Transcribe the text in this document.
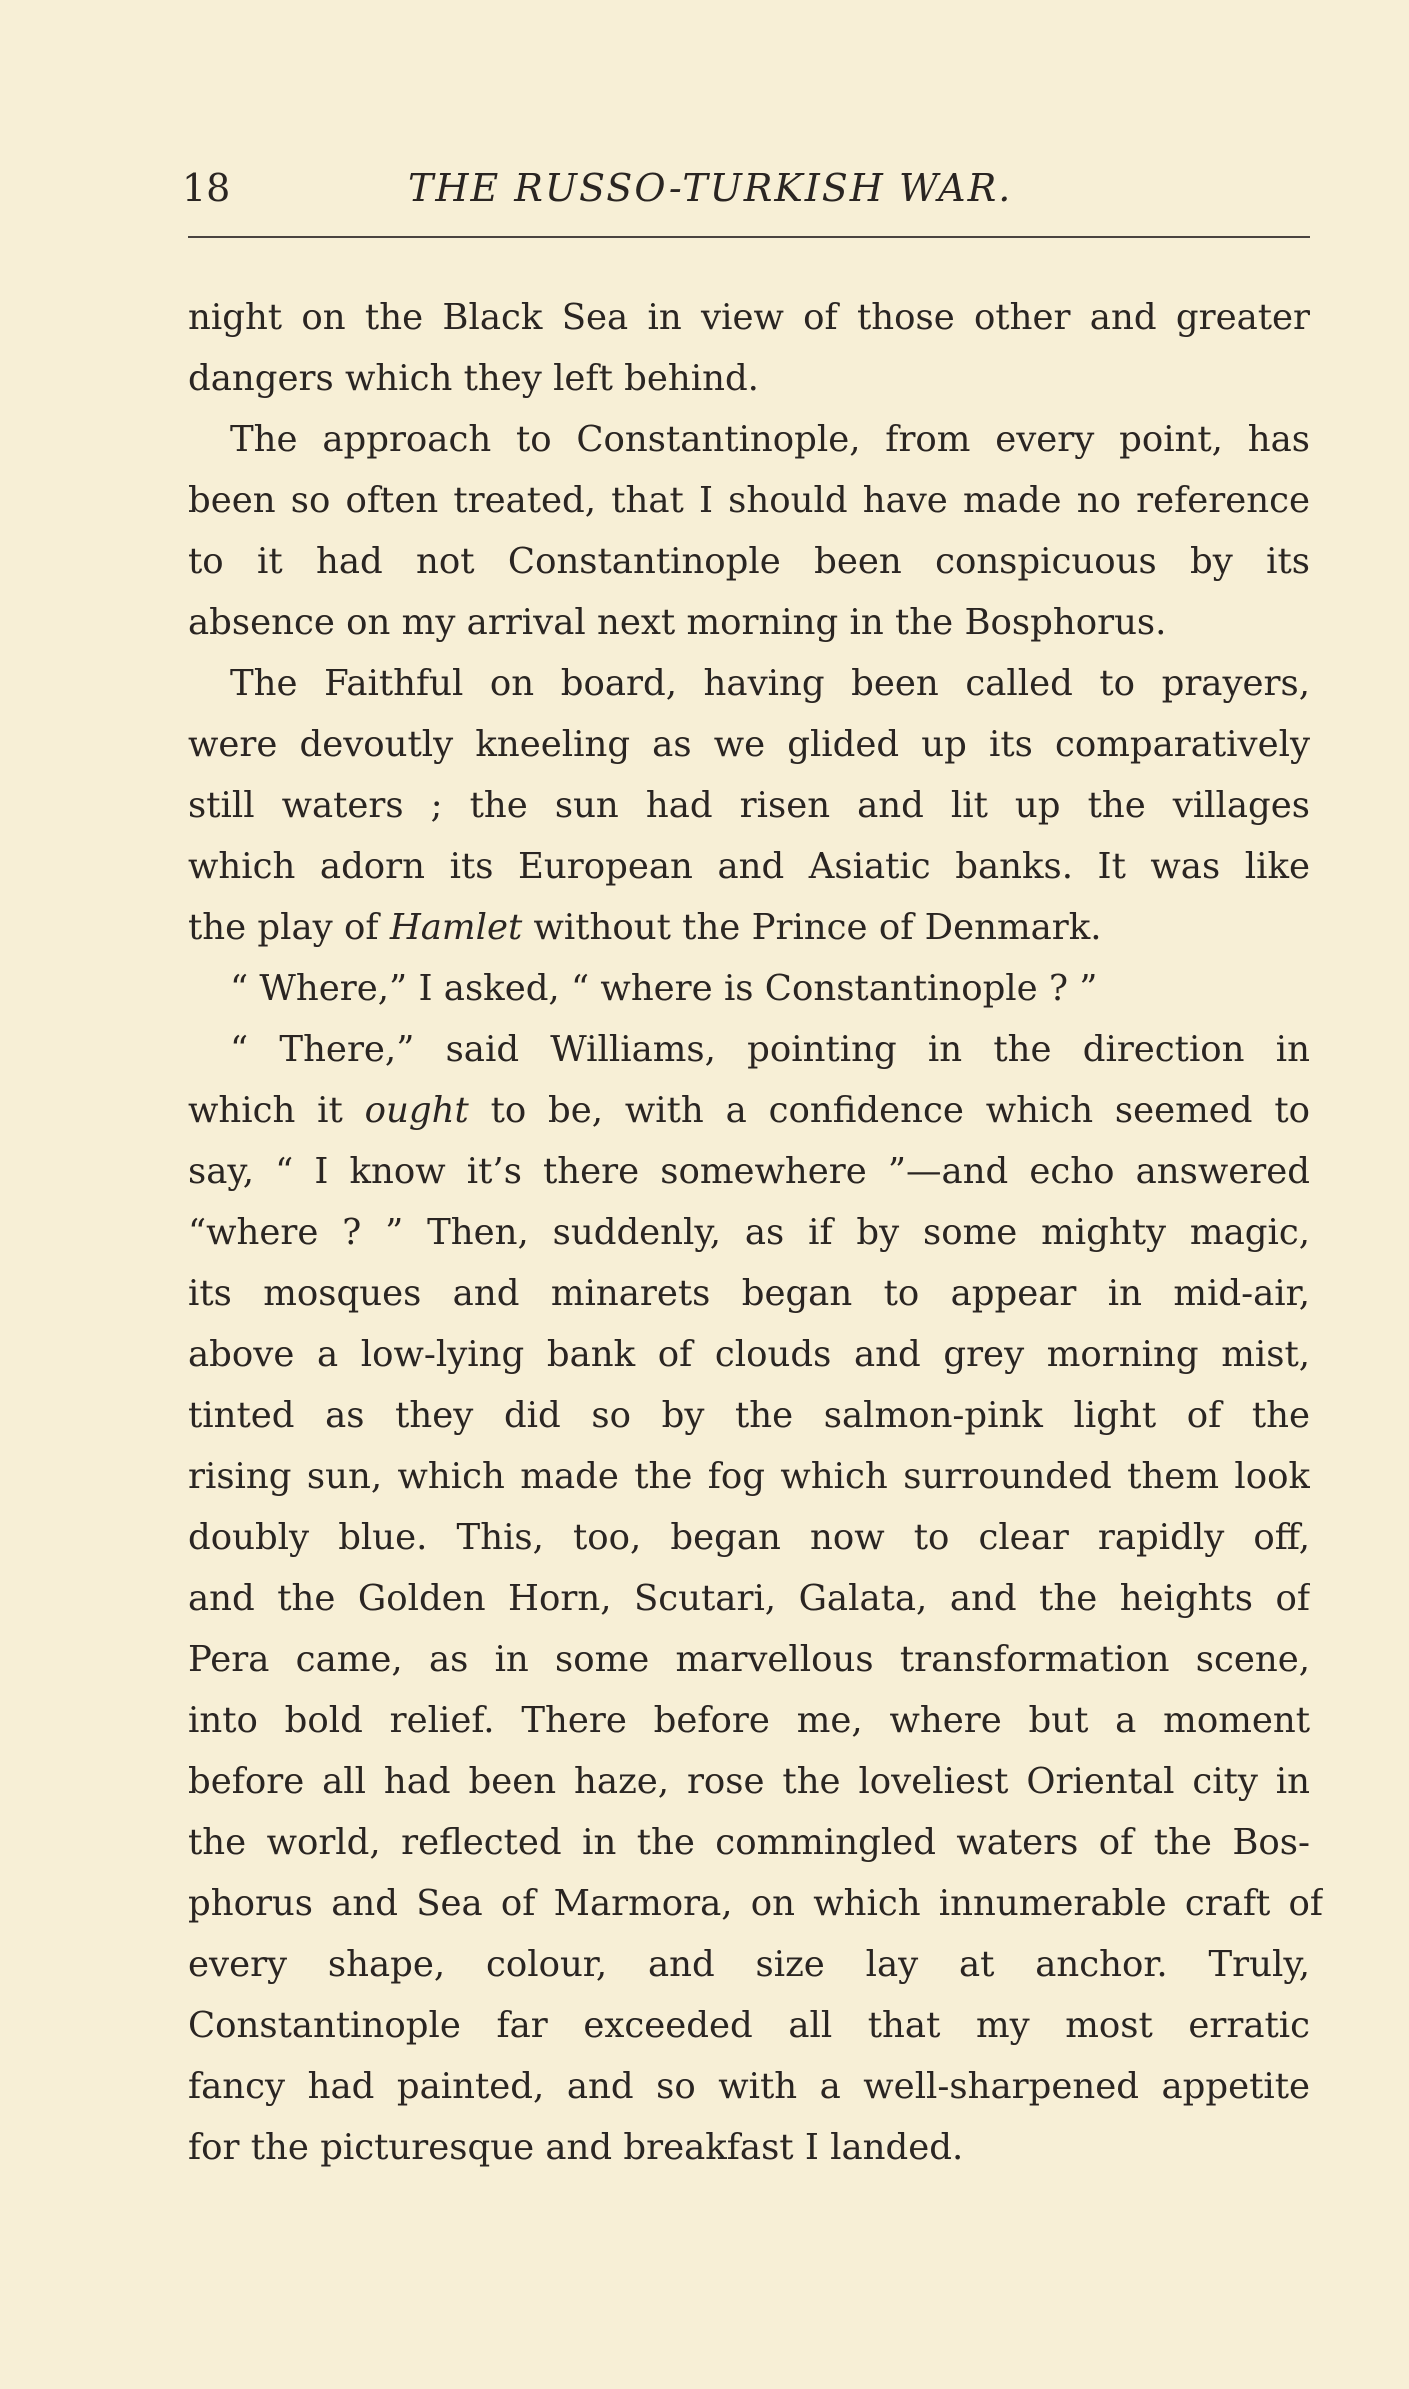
18	THE RUSSO-TURKISH WAR.
night on the Black Sea in view of those other and greater
dangers which they left behind.
The approach to Constantinople, from every point, has
been so often treated, that I should have made no reference
to it had not Constantinople been conspicuous by its
absence on my arrival next morning in the Bosphorus.
The Faithful on board, having been called to prayers,
were devoutly kneeling as we glided up its comparatively
still waters ; the sun had risen and lit up the villages
which adorn its European and Asiatic banks. It was like
the play of Hamlet without the Prince of Denmark.
“ Where,” I asked, “ where is Constantinople ? ”
“ There,” said Williams, pointing in the direction in
which it ought to be, with a confidence which seemed to
say, “ I know it’s there somewhere ”—and echo answered
“where ? ” Then, suddenly, as if by some mighty magic,
its mosques and minarets began to appear in mid-air,
above a low-lying bank of clouds and grey morning mist,
tinted as they did so by the salmon-pink light of the
rising sun, which made the fog which surrounded them look
doubly blue. This, too, began now to clear rapidly off,
and the Golden Horn, Scutari, Galata, and the heights of
Pera came, as in some marvellous transformation scene,
into bold relief. There before me, where but a moment
before all had been haze, rose the loveliest Oriental city in
the world, reflected in the commingled waters of the Bos-
phorus and Sea of Marmora, on which innumerable craft of
every shape, colour, and size lay at anchor. Truly,
Constantinople far exceeded all that my most erratic
fancy had painted, and so with a well-sharpened appetite
for the picturesque and breakfast I landed.
